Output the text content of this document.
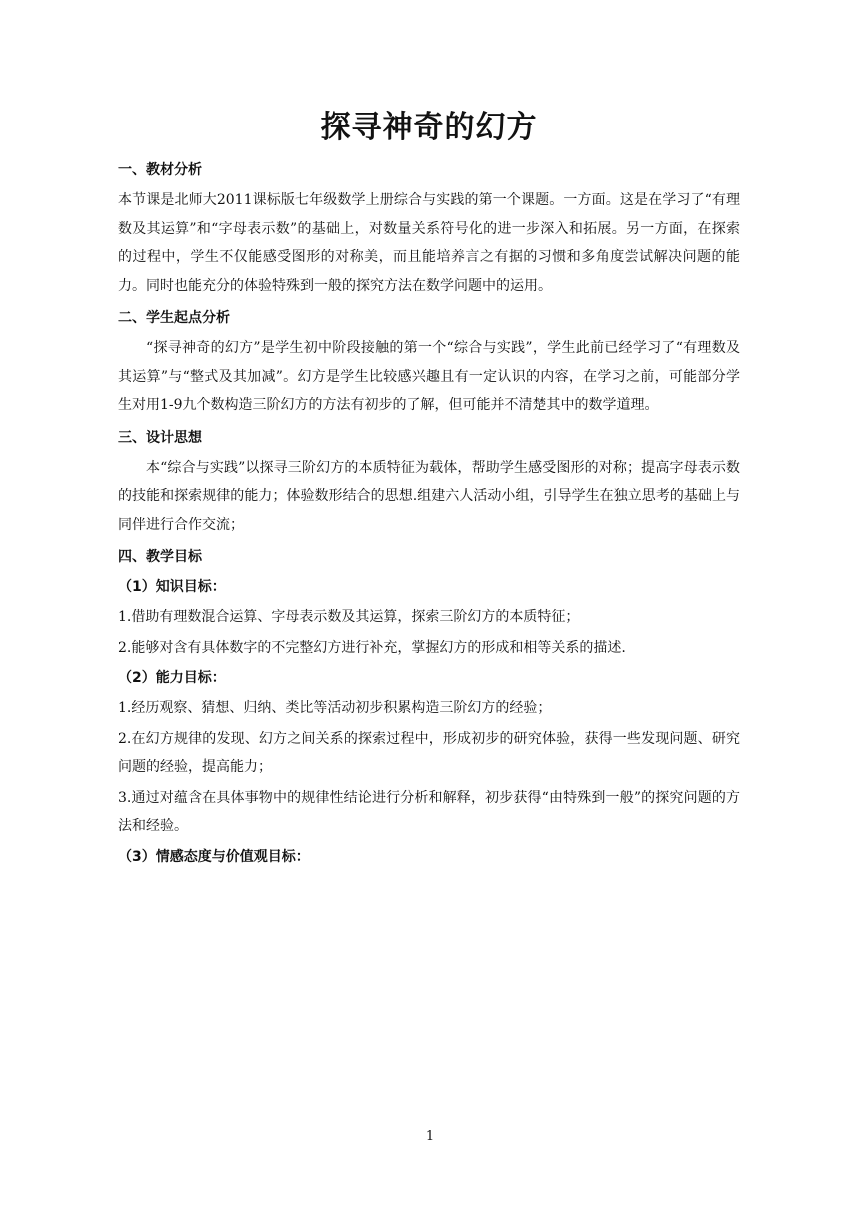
探寻神奇的幻方
一、教材分析

本节课是北师大2011课标版七年级数学上册综合与实践的第一个课题。一方面。这是在学习了“有理数及其运算”和“字母表示数”的基础上，对数量关系符号化的进一步深入和拓展。另一方面，在探索的过程中，学生不仅能感受图形的对称美，而且能培养言之有据的习惯和多角度尝试解决问题的能力。同时也能充分的体验特殊到一般的探究方法在数学问题中的运用。

二、学生起点分析

“探寻神奇的幻方”是学生初中阶段接触的第一个“综合与实践”，学生此前已经学习了“有理数及其运算”与“整式及其加减”。幻方是学生比较感兴趣且有一定认识的内容，在学习之前，可能部分学生对用1-9九个数构造三阶幻方的方法有初步的了解，但可能并不清楚其中的数学道理。

三、设计思想

本“综合与实践”以探寻三阶幻方的本质特征为载体，帮助学生感受图形的对称；提高字母表示数的技能和探索规律的能力；体验数形结合的思想.组建六人活动小组，引导学生在独立思考的基础上与同伴进行合作交流；

四、教学目标
（1）知识目标：

1.借助有理数混合运算、字母表示数及其运算，探索三阶幻方的本质特征；

2.能够对含有具体数字的不完整幻方进行补充，掌握幻方的形成和相等关系的描述.

（2）能力目标：

1.经历观察、猜想、归纳、类比等活动初步积累构造三阶幻方的经验；

2.在幻方规律的发现、幻方之间关系的探索过程中，形成初步的研究体验，获得一些发现问题、研究问题的经验，提高能力；

3.通过对蕴含在具体事物中的规律性结论进行分析和解释，初步获得“由特殊到一般”的探究问题的方法和经验。

（3）情感态度与价值观目标：
1
